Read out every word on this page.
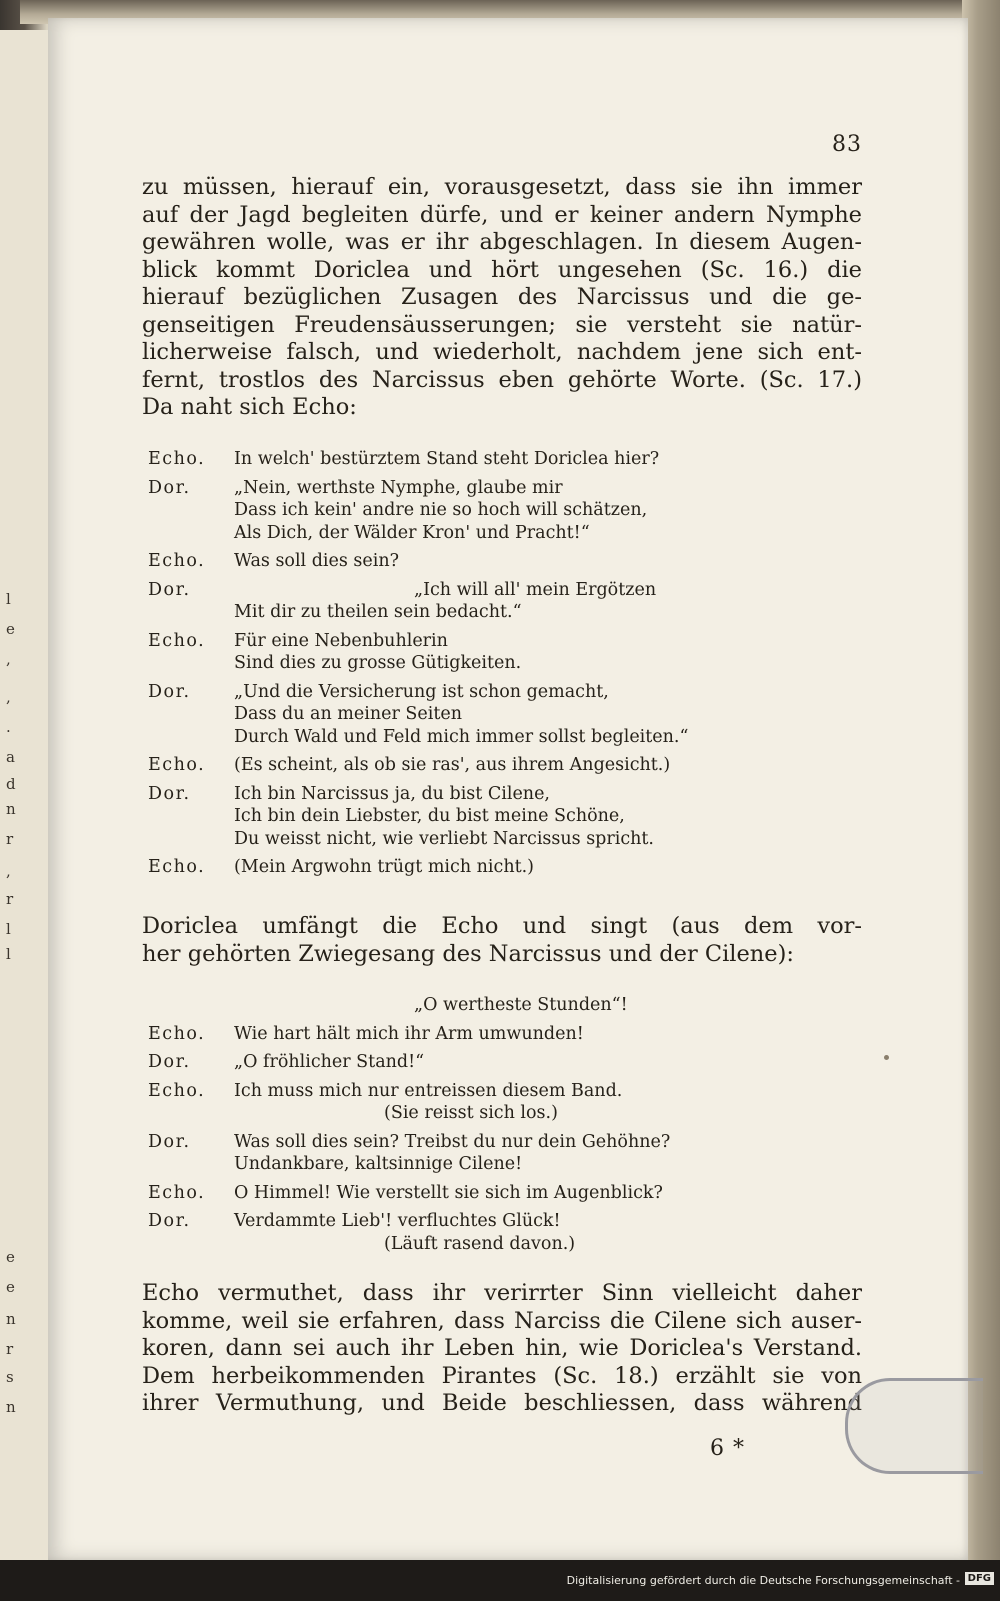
l
e
,
,
.
a
d
n
r
,
r
l
l
e
e
n
r
s
n
83
zu müssen, hierauf ein, vorausgesetzt, dass sie ihn immer
auf der Jagd begleiten dürfe, und er keiner andern Nymphe
gewähren wolle, was er ihr abgeschlagen. In diesem Augen-
blick kommt Doriclea und hört ungesehen (Sc. 16.) die
hierauf bezüglichen Zusagen des Narcissus und die ge-
genseitigen Freudensäusserungen; sie versteht sie natür-
licherweise falsch, und wiederholt, nachdem jene sich ent-
fernt, trostlos des Narcissus eben gehörte Worte. (Sc. 17.)
Da naht sich Echo:
Echo.	In welch' bestürztem Stand steht Doriclea hier?
Dor.	„Nein, werthste Nymphe, glaube mir
Dass ich kein' andre nie so hoch will schätzen,
Als Dich, der Wälder Kron' und Pracht!“
Echo.	Was soll dies sein?
Dor.	„Ich will all' mein Ergötzen
Mit dir zu theilen sein bedacht.“
Echo.	Für eine Nebenbuhlerin
Sind dies zu grosse Gütigkeiten.
Dor.	„Und die Versicherung ist schon gemacht,
Dass du an meiner Seiten
Durch Wald und Feld mich immer sollst begleiten.“
Echo.	(Es scheint, als ob sie ras', aus ihrem Angesicht.)
Dor.	Ich bin Narcissus ja, du bist Cilene,
Ich bin dein Liebster, du bist meine Schöne,
Du weisst nicht, wie verliebt Narcissus spricht.
Echo.	(Mein Argwohn trügt mich nicht.)
Doriclea umfängt die Echo und singt (aus dem vor-
her gehörten Zwiegesang des Narcissus und der Cilene):
„O wertheste Stunden“!
Echo.	Wie hart hält mich ihr Arm umwunden!
Dor.	„O fröhlicher Stand!“
Echo.	Ich muss mich nur entreissen diesem Band.
(Sie reisst sich los.)
Dor.	Was soll dies sein? Treibst du nur dein Gehöhne?
Undankbare, kaltsinnige Cilene!
Echo.	O Himmel! Wie verstellt sie sich im Augenblick?
Dor.	Verdammte Lieb'! verfluchtes Glück!
(Läuft rasend davon.)
Echo vermuthet, dass ihr verirrter Sinn vielleicht daher
komme, weil sie erfahren, dass Narciss die Cilene sich auser-
koren, dann sei auch ihr Leben hin, wie Doriclea's Verstand.
Dem herbeikommenden Pirantes (Sc. 18.) erzählt sie von
ihrer Vermuthung, und Beide beschliessen, dass während
6 *
Digitalisierung gefördert durch die Deutsche Forschungsgemeinschaft - DFG
